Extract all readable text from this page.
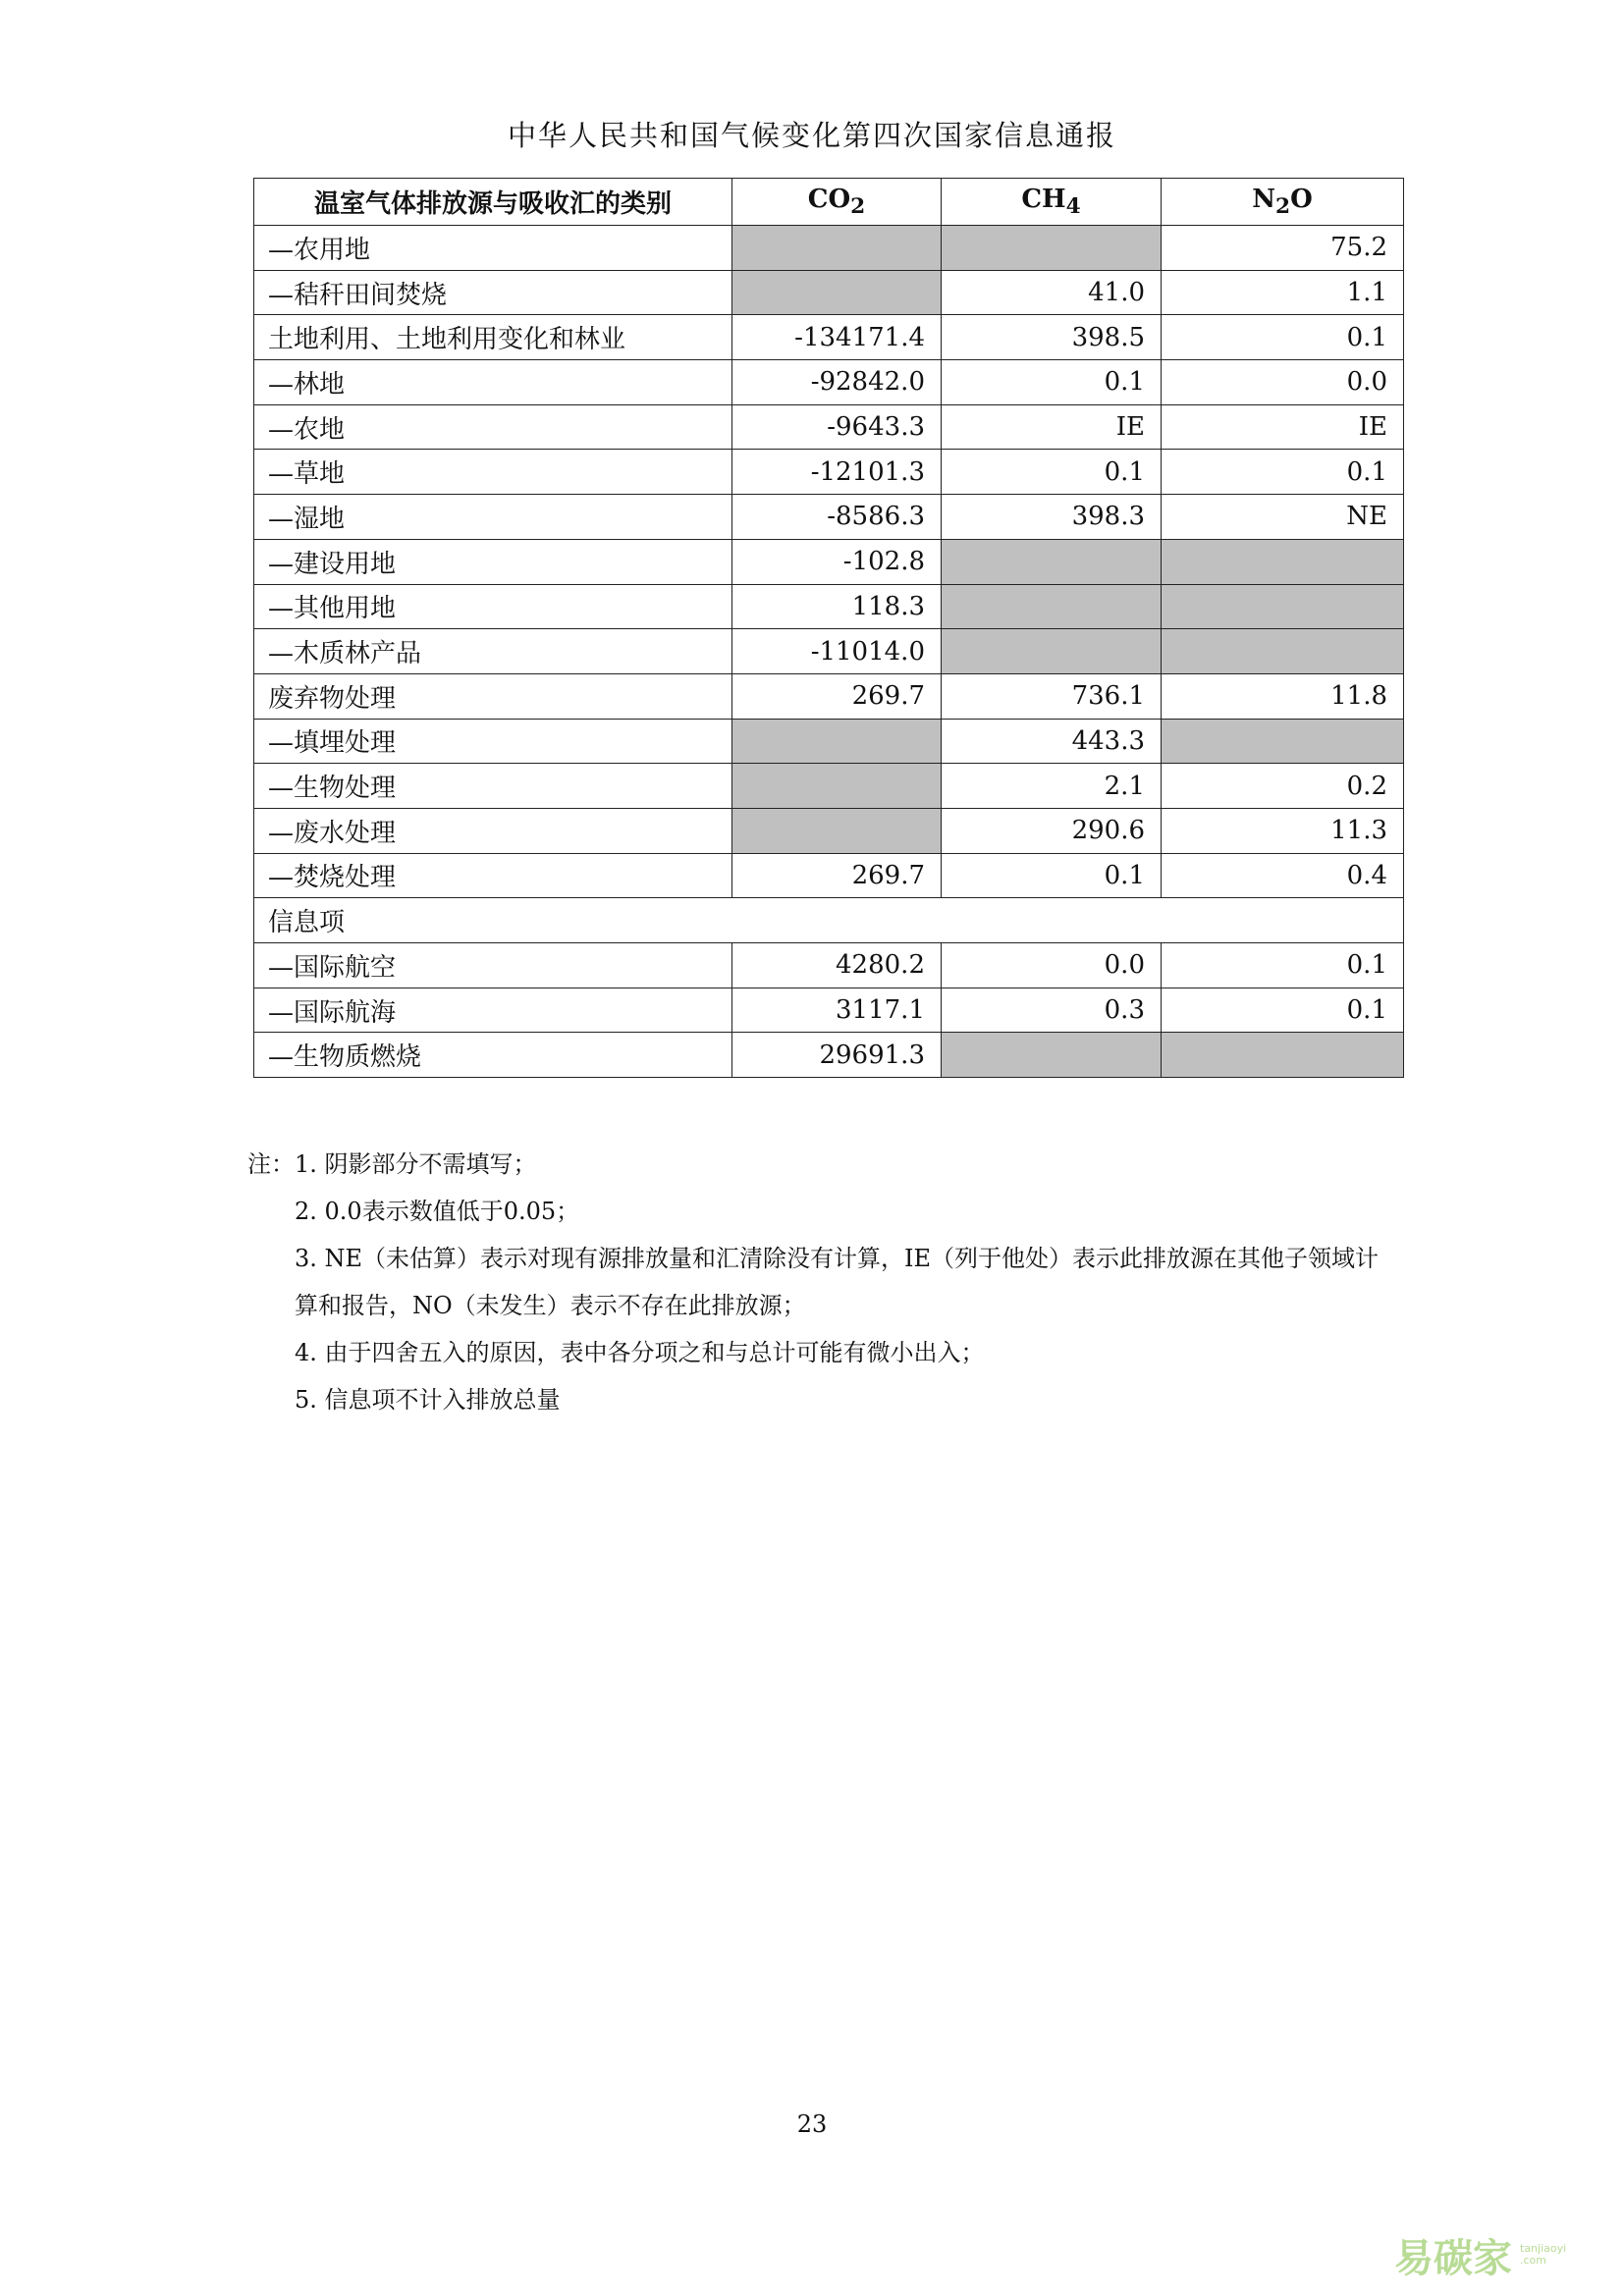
中华人民共和国气候变化第四次国家信息通报
温室气体排放源与吸收汇的类别	$CO_2$	$CH_4$	$N_2O$
—农用地			75.2
—秸秆田间焚烧		41.0	1.1
土地利用、土地利用变化和林业	-134171.4	398.5	0.1
—林地	-92842.0	0.1	0.0
—农地	-9643.3	IE	IE
—草地	-12101.3	0.1	0.1
—湿地	-8586.3	398.3	NE
—建设用地	-102.8		
—其他用地	118.3		
—木质林产品	-11014.0		
废弃物处理	269.7	736.1	11.8
—填埋处理		443.3	
—生物处理		2.1	0.2
—废水处理		290.6	11.3
—焚烧处理	269.7	0.1	0.4
信息项			
—国际航空	4280.2	0.0	0.1
—国际航海	3117.1	0.3	0.1
—生物质燃烧	29691.3		
注：1. 阴影部分不需填写；
2. 0.0表示数值低于0.05；
3. NE（未估算）表示对现有源排放量和汇清除没有计算，IE（列于他处）表示此排放源在其他子领域计
算和报告，NO（未发生）表示不存在此排放源；
4. 由于四舍五入的原因，表中各分项之和与总计可能有微小出入；
5. 信息项不计入排放总量
23
易碳家 tanjiaoyi
.com
